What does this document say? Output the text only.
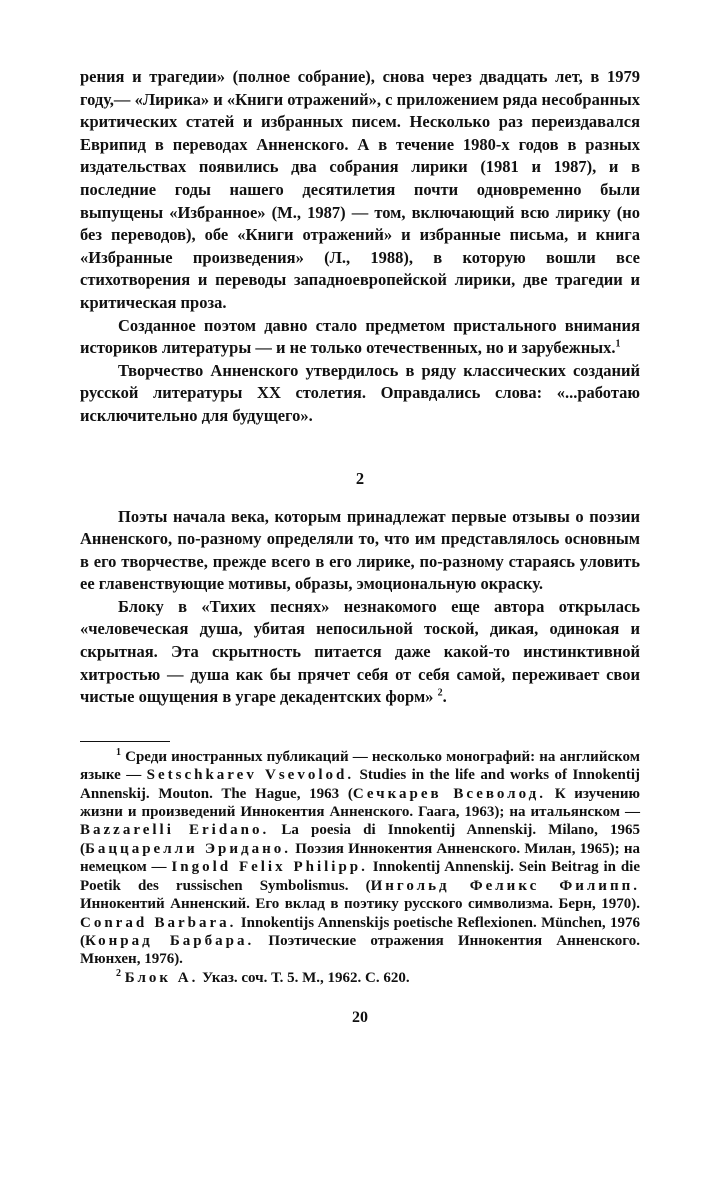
рения и трагедии» (полное собрание), снова через двадцать лет, в 1979 году,— «Лирика» и «Книги отражений», с приложением ряда несобранных критических статей и избранных писем. Несколько раз переиздавался Еврипид в переводах Анненского. А в течение 1980-х годов в разных издательствах появились два собрания лирики (1981 и 1987), и в последние годы нашего десятилетия почти одновременно были выпущены «Избранное» (М., 1987) — том, включающий всю лирику (но без переводов), обе «Книги отражений» и избранные письма, и книга «Избранные произведения» (Л., 1988), в которую вошли все стихотворения и переводы западноевропейской лирики, две трагедии и критическая проза.

Созданное поэтом давно стало предметом пристального внимания историков литературы — и не только отечественных, но и зарубежных.$^1$

Творчество Анненского утвердилось в ряду классических созданий русской литературы XX столетия. Оправдались слова: «...работаю исключительно для будущего».

2

Поэты начала века, которым принадлежат первые отзывы о поэзии Анненского, по-разному определяли то, что им представлялось основным в его творчестве, прежде всего в его лирике, по-разному стараясь уловить ее главенствующие мотивы, образы, эмоциональную окраску.

Блоку в «Тихих песнях» незнакомого еще автора открылась «человеческая душа, убитая непосильной тоской, дикая, одинокая и скрытная. Эта скрытность питается даже какой-то инстинктивной хитростью — душа как бы прячет себя от себя самой, переживает свои чистые ощущения в угаре декадентских форм» $^2$.

$^1$ Среди иностранных публикаций — несколько монографий: на английском языке — Setschkarev Vsevolod. Studies in the life and works of Innokentij Annenskij. Mouton. The Hague, 1963 (Сечкарев Всеволод. К изучению жизни и произведений Иннокентия Анненского. Гаага, 1963); на итальянском — Bazzarelli Eridano. La poesia di Innokentij Annenskij. Milano, 1965 (Баццарелли Эридано. Поэзия Иннокентия Анненского. Милан, 1965); на немецком — Ingold Felix Philipp. Innokentij Annenskij. Sein Beitrag in die Poetik des russischen Symbolismus. (Ингольд Феликс Филипп. Иннокентий Анненский. Его вклад в поэтику русского символизма. Берн, 1970). Conrad Barbara. Innokentijs Annenskijs poetische Reflexionen. München, 1976 (Конрад Барбара. Поэтические отражения Иннокентия Анненского. Мюнхен, 1976).

$^2$ Блок А. Указ. соч. Т. 5. М., 1962. С. 620.

20
